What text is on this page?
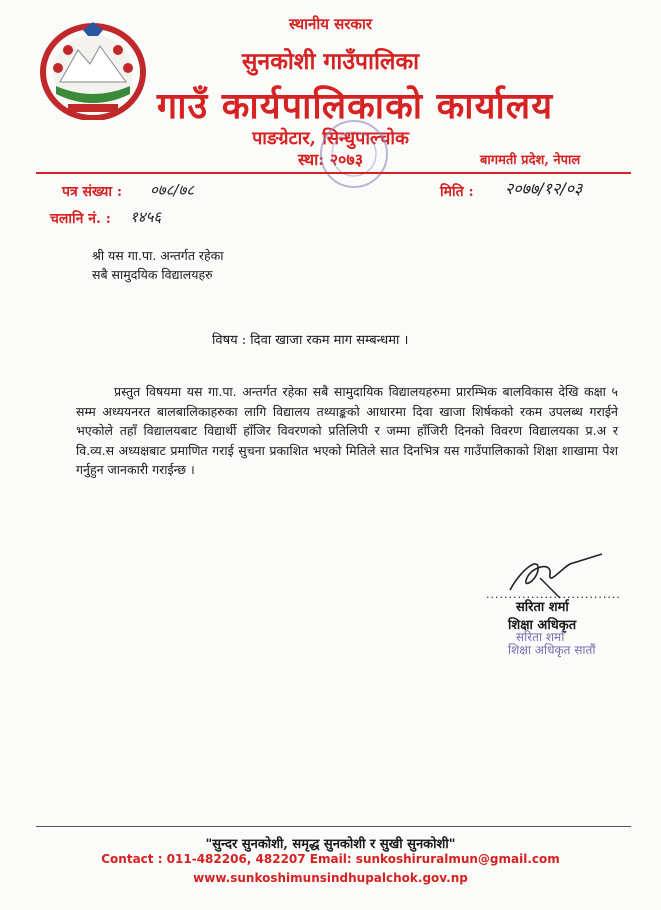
स्थानीय सरकार
सुनकोशी गाउँपालिका
गाउँ कार्यपालिकाको कार्यालय
पाङग्रेटार, सिन्धुपाल्चोक
स्था: २०७३	बागमती प्रदेश, नेपाल
पत्र संख्या : ०७८/७८	मिति : २०७७/१२/०३
चलानि नं. : १४५६
श्री यस गा.पा. अन्तर्गत रहेका
सबै सामुदयिक विद्यालयहरु
विषय : दिवा खाजा रकम माग सम्बन्धमा ।
प्रस्तुत विषयमा यस गा.पा. अन्तर्गत रहेका सबै सामुदायिक विद्यालयहरुमा प्रारम्भिक बालविकास देखि कक्षा ५ सम्म अध्ययनरत बालबालिकाहरुका लागि विद्यालय तथ्याङ्कको आधारमा दिवा खाजा शिर्षकको रकम उपलब्ध गराईने भएकोले तहाँ विद्यालयबाट विद्यार्थी हाँजिर विवरणको प्रतिलिपी र जम्मा हाँजिरी दिनको विवरण विद्यालयका प्र.अ र वि.व्य.स अध्यक्षबाट प्रमाणित गराई सुचना प्रकाशित भएको मितिले सात दिनभित्र यस गाउँपालिकाको शिक्षा शाखामा पेश गर्नुहुन जानकारी गराईन्छ ।
..............................
सरिता शर्मा
शिक्षा अधिकृत
सरिता शर्मा
शिक्षा अधिकृत सातौं
"सुन्दर सुनकोशी, समृद्ध सुनकोशी र सुखी सुनकोशी"
Contact : 011-482206, 482207 Email: sunkoshiruralmun@gmail.com
www.sunkoshimunsindhupalchok.gov.np
